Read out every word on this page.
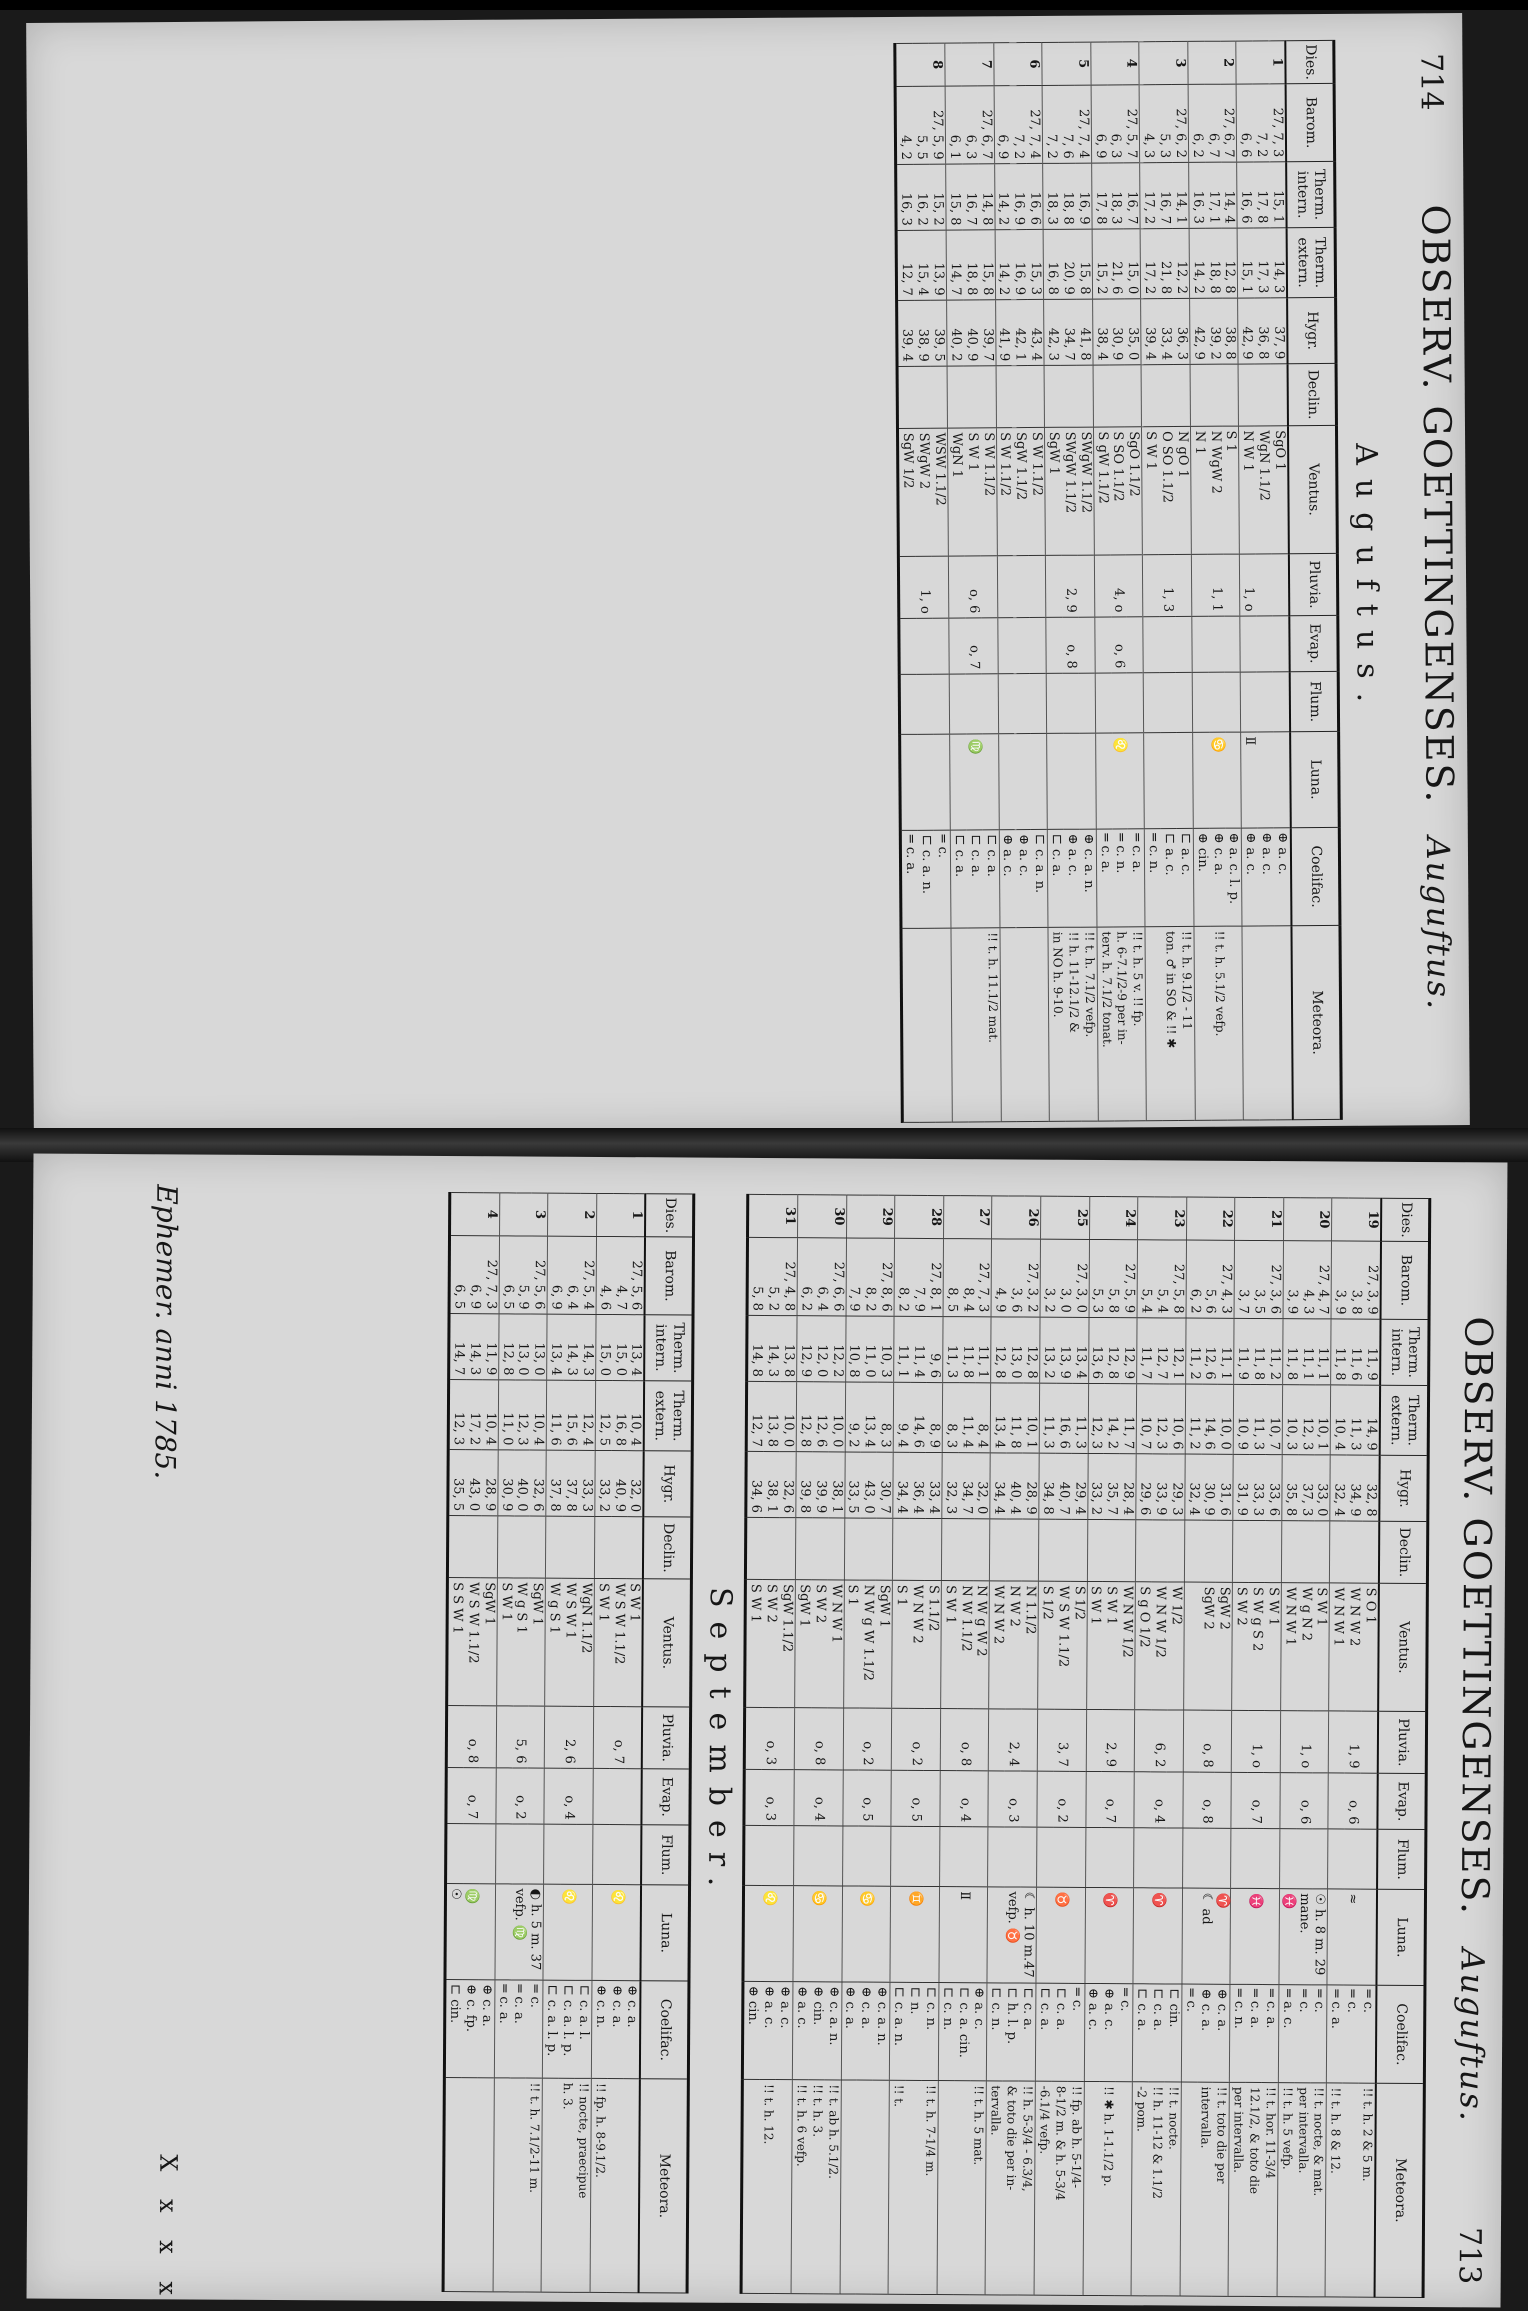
714
OBSERV. GOETTINGENSES. Auguftus.
Auguftus.
Dies.	Barom.	Therm. intern.	Therm. extern.	Hygr.	Declin.	Ventus.	Pluvia.	Evap.	Flum.	Luna.	Coelifac.	Meteora.
1	27, 7, 3	15, 1	14, 3	37, 9		SgO 1					⊕ a. c.	
	7, 2	17, 8	17, 3	36, 8		WgN 1.1/2					⊕ a. c.	
	6, 6	16, 6	15, 1	42, 9		N W 1	1, o			Ⅱ	⊕ a. c.	
2	27, 6, 7	14, 4	12, 8	38, 8		S 1					⊕ a. c. l. p.	
	6, 7	17, 1	18, 8	39, 2		N WgW 2	1, 1			♋	⊕ c. a.	!! t. h. 5.1/2 vefp.
	6, 2	16, 3	14, 2	42, 9		N 1					⊕ cin.	
3	27, 6, 2	14, 1	12, 2	36, 3		N gO 1					⊏ a. c.	!! t. h. 9.1/2 - 11
	5, 3	16, 7	21, 8	33, 4		O SO 1.1/2	1, 3				⊏ a. c.	ton. ♂ in SO & !! ✱
	4, 3	17, 2	17, 2	39, 4		S W 1					═ c. n.	
4	27, 5, 7	16, 7	15, 0	35, 0		SgO 1.1/2					═ c. a.	!! t. h. 5 v. !! fp.
	6, 3	18, 3	21, 6	30, 9		S SO 1.1/2	4, o	o, 6		♌	═ c. n.	h. 6-7.1/2-9 per in-
	6, 9	17, 8	15, 2	38, 4		S gW 1.1/2					═ c. a.	terv. h. 7.1/2 tonat.
5	27, 7, 4	16, 9	15, 8	41, 8		SWgW 1.1/2					⊕ c. a. n.	!! t. h. 7.1/2 vefp.
	7, 6	18, 8	20, 9	34, 7		SWgW 1.1/2	2, 9	o, 8			⊕ a. c.	!! h. 11-12.1/2 &
	7, 2	18, 3	16, 8	42, 3		SgW 1					⊏ c. a.	in NO h. 9-10.
6	27, 7, 4	16, 6	15, 3	43, 4		S W 1.1/2					⊏ c. a. n.	
	7, 2	16, 9	16, 9	42, 1		SgW 1.1/2					⊕ a. c.	
	6, 9	14, 2	14, 2	41, 9		S W 1.1/2					⊕ a. c.	
7	27, 6, 7	14, 8	15, 8	39, 7		S W 1.1/2					⊏ c. a.	!! t. h. 11.1/2 mat.
	6, 3	16, 7	18, 8	40, 9		S W 1	o, 6	o, 7		♍	⊏ c. a.	
	6, 1	15, 8	14, 7	40, 2		WgN 1					⊏ c. a.	
8	27, 5, 9	15, 2	13, 9	39, 5		WSW 1.1/2					═ c.	
	5, 5	16, 2	15, 4	38, 9		SWgW 2	1, o				⊏ c. a. n.	
	4, 2	16, 3	12, 7	39, 4		SgW 1/2					═ c. a.	
OBSERV. GOETTINGENSES. Auguftus.
713
Dies.	Barom.	Therm. intern.	Therm. extern.	Hygr.	Declin.	Ventus.	Pluvia.	Evap.	Flum.	Luna.	Coelifac.	Meteora.
19	27, 3, 9	11, 9	14, 9	32, 8		S O 1					═ c.	!! t. h. 2 & 5 m.
	3, 8	11, 6	11, 3	34, 9		W N W 2	1, 9	o, 6		≈	═ c.	
	3, 9	11, 8	10, 4	32, 4		W N W 1					═ c. a.	!! t. h. 8 & 12.
20	27, 4, 7	11, 1	10, 1	33, 0		S W 1				☉ h. 8 m. 29	═ c.	!! t. nocte, & mat.
	4, 3	11, 1	12, 3	37, 3		W g N 2	1, o	o, 6		mane.	═ c.	per intervalla.
	3, 9	11, 8	10, 3	35, 8		W N W 1				♓	═ a. c.	!! t. h. 5 vefp.
21	27, 3, 6	11, 2	10, 7	33, 6		S W 1					═ c. a.	!! t. hor. 11-3/4
	3, 5	11, 8	11, 3	33, 3		S W g S 2	1, o	o, 7		♓	═ c. a.	12.1/2, & toto die
	3, 7	11, 9	10, 9	31, 9		S W 2					═ c. n.	per intervalla.
22	27, 4, 3	11, 1	10, 0	31, 6		SgW 2				♈	⊕ c. a.	!! t. toto die per
	5, 6	12, 6	14, 6	30, 9		SgW 2	o, 8	o, 8		☾ ad	⊕ c. a.	intervalla.
	6, 2	11, 2	11, 2	32, 4							═ c.	
23	27, 5, 8	12, 1	10, 6	29, 3		W 1/2					⊏ cin.	!! t. nocte.
	5, 4	12, 7	12, 3	33, 9		W N W 1/2	6, 2	o, 4		♈	⊏ c. a.	!! h. 11-12 & 1.1/2
	5, 4	11, 7	10, 7	29, 6		S g O 1/2					⊏ c. a.	-2 pom.
24	27, 5, 9	12, 9	11, 7	28, 4		W N W 1/2					═ c.	
	5, 8	12, 8	14, 2	35, 7		S W 1	2, 9	o, 7		♈	⊕ a. c.	!! ✱ h. 1-1.1/2 p.
	5, 3	13, 6	12, 3	33, 2		S W 1					⊕ a. c.	
25	27, 3, 0	13, 4	11, 3	29, 4		S 1/2					═ c.	!! fp. ab h. 5-1/4-
	3, 0	13, 9	16, 6	40, 7		W S W 1.1/2	3, 7	o, 2		♉	⊏ c. a.	8-1/2 m. & h. 5-3/4
	3, 2	13, 2	11, 3	34, 8		S 1/2					⊏ c. a.	-6.1/4 vefp.
26	27, 3, 2	12, 8	10, 1	28, 9		N 1.1/2				☾ h. 10 m.47	⊏ c. a.	!! h. 5-3/4 - 6.3/4,
	3, 6	13, 0	11, 8	40, 4		N W 2	2, 4	o, 3		vefp. ♉	⊏ h. l. p.	& toto die per in-
	4, 9	12, 8	13, 4	34, 4		W N W 2					⊏ c. n.	tervalla.
27	27, 7, 3	11, 1	8, 4	32, 0		N W g W 2					⊕ a. c.	!! t. h. 5 mat.
	8, 4	11, 8	11, 4	34, 7		N W 1.1/2	o, 8	o, 4		Ⅱ	⊏ c. a. cin.	
	8, 5	11, 3	8, 3	32, 3		S W 1					⊏ c. n.	
28	27, 8, 1	9, 6	8, 9	33, 4		S 1.1/2					⊏ c. n.	!! t. h. 7-1/4 m.
	7, 9	11, 4	14, 6	36, 4		W N W 2	o, 2	o, 5		♊	⊏ n.	
	8, 2	11, 1	9, 4	34, 4		S 1					⊏ c. a. n.	!! t.
29	27, 8, 6	10, 3	8, 3	30, 7		SgW 1					⊕ c. a. n.	
	8, 2	11, 0	13, 4	43, 0		N W g W 1.1/2	o, 2	o, 5		♋	⊕ c. a.	
	7, 9	10, 8	9, 2	33, 5		S 1					⊕ c. a.	
30	27, 6, 6	12, 2	10, 0	38, 1		W N W 1					⊕ c. a. n.	!! t. ab h. 5.1/2.
	6, 4	12, 0	12, 6	39, 9		S W 2	o, 8	o, 4		♋	⊕ cin.	!! t. h. 3.
	6, 2	12, 9	12, 8	39, 8		SgW 1					⊕ a. c.	!! t. h. 6 vefp.
31	27, 4, 8	13, 8	10, 0	32, 6		SgW 1.1/2					⊕ a. c.	
	5, 2	14, 3	13, 8	38, 1		S W 2	o, 3	o, 3		♌	⊕ a. c.	!! t. h. 12.
	5, 8	14, 8	12, 7	34, 6		S W 1					⊕ cin.	
September.
Dies.	Barom.	Therm. intern.	Therm. extern.	Hygr.	Declin.	Ventus.	Pluvia.	Evap.	Flum.	Luna.	Coelifac.	Meteora.
1	27, 5, 6	13, 4	10, 4	32, 0		S W 1					⊕ c. a.	
	4, 7	15, 0	16, 8	40, 9		W S W 1.1/2	o, 7			♌	⊕ c. a.	
	4, 6	15, 0	12, 5	33, 2		S W 1					⊕ c. n.	!! fp. h. 8-9.1/2.
2	27, 5, 4	14, 3	12, 4	33, 3		WgN 1.1/2					⊏ c. a. l.	!! nocte, praecipue
	6, 4	14, 3	15, 6	37, 8		W S W 1	2, 6	o, 4		♌	⊏ c. a. l. p.	h. 3.
	6, 9	13, 4	11, 6	37, 8		W g S 1					⊏ c. a. l. p.	
3	27, 5, 6	13, 0	10, 4	32, 6		SgW 1				◐ h. 5 m. 37	═ c.	!! t. h. 7.1/2-11 m.
	5, 9	13, 0	12, 3	40, 0		W g S 1	5, 6	o, 2		vefp. ♍	═ c. a.	
	6, 5	12, 8	11, 0	30, 9		S W 1					═ c. a.	
4	27, 7, 3	11, 9	10, 4	28, 9		SgW 1					⊕ c. a.	
	6, 9	14, 3	17, 2	43, 0		W S W 1.1/2	o, 8	o, 7		♍	⊕ c. fp.	
	6, 5	14, 7	12, 3	35, 5		S S W 1				☉	⊏ cin.	
Ephemer. anni 1785.
X x x x
